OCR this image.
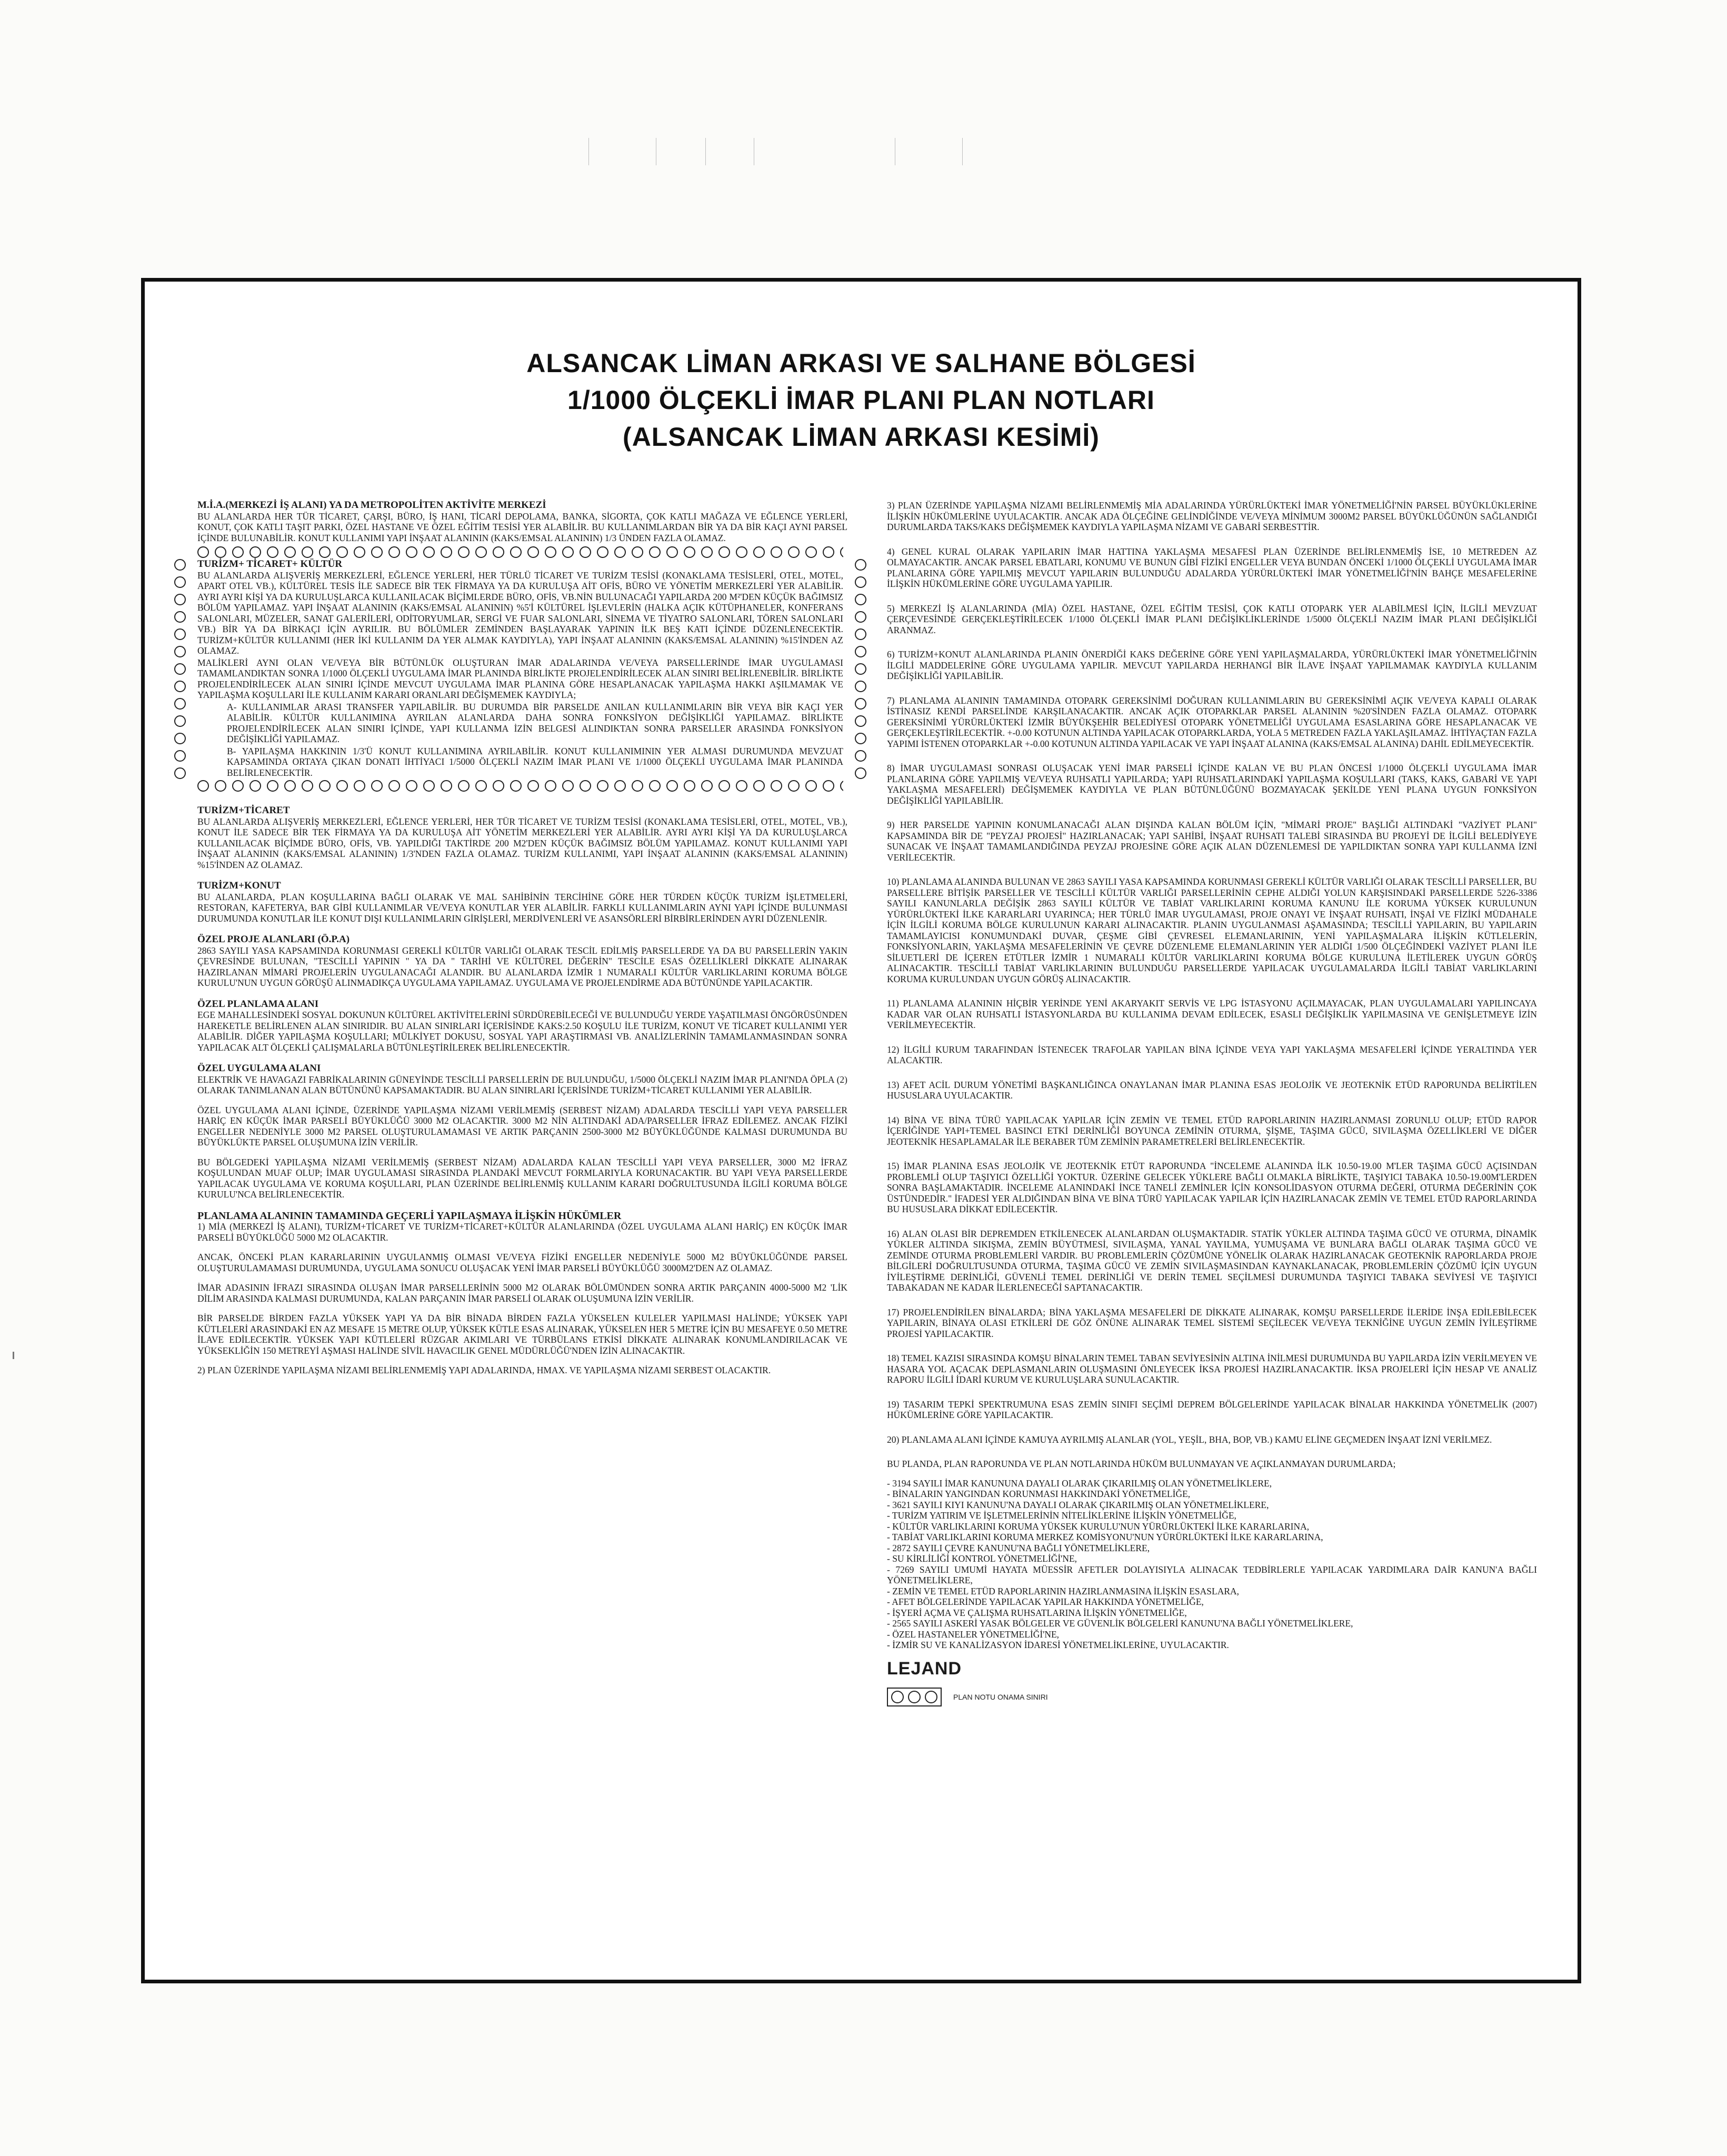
ALSANCAK LİMAN ARKASI VE SALHANE BÖLGESİ
1/1000 ÖLÇEKLİ İMAR PLANI PLAN NOTLARI
(ALSANCAK LİMAN ARKASI KESİMİ)
M.İ.A.(MERKEZİ İŞ ALANI) YA DA METROPOLİTEN AKTİVİTE MERKEZİ
BU ALANLARDA HER TÜR TİCARET, ÇARŞI, BÜRO, İŞ HANI, TİCARİ DEPOLAMA, BANKA, SİGORTA, ÇOK KATLI MAĞAZA VE EĞLENCE YERLERİ, KONUT, ÇOK KATLI TAŞIT PARKI, ÖZEL HASTANE VE ÖZEL EĞİTİM TESİSİ YER ALABİLİR. BU KULLANIMLARDAN BİR YA DA BİR KAÇI AYNI PARSEL İÇİNDE BULUNABİLİR. KONUT KULLANIMI YAPI İNŞAAT ALANININ (KAKS/EMSAL ALANININ) 1/3 ÜNDEN FAZLA OLAMAZ.
TURİZM+ TİCARET+ KÜLTÜR
BU ALANLARDA ALIŞVERİŞ MERKEZLERİ, EĞLENCE YERLERİ, HER TÜRLÜ TİCARET VE TURİZM TESİSİ (KONAKLAMA TESİSLERİ, OTEL, MOTEL, APART OTEL VB.), KÜLTÜREL TESİS İLE SADECE BİR TEK FİRMAYA YA DA KURULUŞA AİT OFİS, BÜRO VE YÖNETİM MERKEZLERİ YER ALABİLİR. AYRI AYRI KİŞİ YA DA KURULUŞLARCA KULLANILACAK BİÇİMLERDE BÜRO, OFİS, VB.NİN BULUNACAĞI YAPILARDA 200 M²'DEN KÜÇÜK BAĞIMSIZ BÖLÜM YAPILAMAZ. YAPI İNŞAAT ALANININ (KAKS/EMSAL ALANININ) %5'İ KÜLTÜREL İŞLEVLERİN (HALKA AÇIK KÜTÜPHANELER, KONFERANS SALONLARI, MÜZELER, SANAT GALERİLERİ, ODİTORYUMLAR, SERGİ VE FUAR SALONLARI, SİNEMA VE TİYATRO SALONLARI, TÖREN SALONLARI VB.) BİR YA DA BİRKAÇI İÇİN AYRILIR. BU BÖLÜMLER ZEMİNDEN BAŞLAYARAK YAPININ İLK BEŞ KATI İÇİNDE DÜZENLENECEKTİR. TURİZM+KÜLTÜR KULLANIMI (HER İKİ KULLANIM DA YER ALMAK KAYDIYLA), YAPI İNŞAAT ALANININ (KAKS/EMSAL ALANININ) %15'İNDEN AZ OLAMAZ.
MALİKLERİ AYNI OLAN VE/VEYA BİR BÜTÜNLÜK OLUŞTURAN İMAR ADALARINDA VE/VEYA PARSELLERİNDE İMAR UYGULAMASI TAMAMLANDIKTAN SONRA 1/1000 ÖLÇEKLİ UYGULAMA İMAR PLANINDA BİRLİKTE PROJELENDİRİLECEK ALAN SINIRI BELİRLENEBİLİR. BİRLİKTE PROJELENDİRİLECEK ALAN SINIRI İÇİNDE MEVCUT UYGULAMA İMAR PLANINA GÖRE HESAPLANACAK YAPILAŞMA HAKKI AŞILMAMAK VE YAPILAŞMA KOŞULLARI İLE KULLANIM KARARI ORANLARI DEĞİŞMEMEK KAYDIYLA;
A- KULLANIMLAR ARASI TRANSFER YAPILABİLİR. BU DURUMDA BİR PARSELDE ANILAN KULLANIMLARIN BİR VEYA BİR KAÇI YER ALABİLİR. KÜLTÜR KULLANIMINA AYRILAN ALANLARDA DAHA SONRA FONKSİYON DEĞİŞİKLİĞİ YAPILAMAZ. BİRLİKTE PROJELENDİRİLECEK ALAN SINIRI İÇİNDE, YAPI KULLANMA İZİN BELGESİ ALINDIKTAN SONRA PARSELLER ARASINDA FONKSİYON DEĞİŞİKLİĞİ YAPILAMAZ.
B- YAPILAŞMA HAKKININ 1/3'Ü KONUT KULLANIMINA AYRILABİLİR. KONUT KULLANIMININ YER ALMASI DURUMUNDA MEVZUAT KAPSAMINDA ORTAYA ÇIKAN DONATI İHTİYACI 1/5000 ÖLÇEKLİ NAZIM İMAR PLANI VE 1/1000 ÖLÇEKLİ UYGULAMA İMAR PLANINDA BELİRLENECEKTİR.
TURİZM+TİCARET
BU ALANLARDA ALIŞVERİŞ MERKEZLERİ, EĞLENCE YERLERİ, HER TÜR TİCARET VE TURİZM TESİSİ (KONAKLAMA TESİSLERİ, OTEL, MOTEL, VB.), KONUT İLE SADECE BİR TEK FİRMAYA YA DA KURULUŞA AİT YÖNETİM MERKEZLERİ YER ALABİLİR. AYRI AYRI KİŞİ YA DA KURULUŞLARCA KULLANILACAK BİÇİMDE BÜRO, OFİS, VB. YAPILDIĞI TAKTİRDE 200 M2'DEN KÜÇÜK BAĞIMSIZ BÖLÜM YAPILAMAZ. KONUT KULLANIMI YAPI İNŞAAT ALANININ (KAKS/EMSAL ALANININ) 1/3'NDEN FAZLA OLAMAZ. TURİZM KULLANIMI, YAPI İNŞAAT ALANININ (KAKS/EMSAL ALANININ) %15'İNDEN AZ OLAMAZ.
TURİZM+KONUT
BU ALANLARDA, PLAN KOŞULLARINA BAĞLI OLARAK VE MAL SAHİBİNİN TERCİHİNE GÖRE HER TÜRDEN KÜÇÜK TURİZM İŞLETMELERİ, RESTORAN, KAFETERYA, BAR GİBİ KULLANIMLAR VE/VEYA KONUTLAR YER ALABİLİR. FARKLI KULLANIMLARIN AYNI YAPI İÇİNDE BULUNMASI DURUMUNDA KONUTLAR İLE KONUT DIŞI KULLANIMLARIN GİRİŞLERİ, MERDİVENLERİ VE ASANSÖRLERİ BİRBİRLERİNDEN AYRI DÜZENLENİR.
ÖZEL PROJE ALANLARI (Ö.P.A)
2863 SAYILI YASA KAPSAMINDA KORUNMASI GEREKLİ KÜLTÜR VARLIĞI OLARAK TESCİL EDİLMİŞ PARSELLERDE YA DA BU PARSELLERİN YAKIN ÇEVRESİNDE BULUNAN, "TESCİLLİ YAPININ " YA DA " TARİHİ VE KÜLTÜREL DEĞERİN" TESCİLE ESAS ÖZELLİKLERİ DİKKATE ALINARAK HAZIRLANAN MİMARİ PROJELERİN UYGULANACAĞI ALANDIR. BU ALANLARDA İZMİR 1 NUMARALI KÜLTÜR VARLIKLARINI KORUMA BÖLGE KURULU'NUN UYGUN GÖRÜŞÜ ALINMADIKÇA UYGULAMA YAPILAMAZ. UYGULAMA VE PROJELENDİRME ADA BÜTÜNÜNDE YAPILACAKTIR.
ÖZEL PLANLAMA ALANI
EGE MAHALLESİNDEKİ SOSYAL DOKUNUN KÜLTÜREL AKTİVİTELERİNİ SÜRDÜREBİLECEĞİ VE BULUNDUĞU YERDE YAŞATILMASI ÖNGÖRÜSÜNDEN HAREKETLE BELİRLENEN ALAN SINIRIDIR. BU ALAN SINIRLARI İÇERİSİNDE KAKS:2.50 KOŞULU İLE TURİZM, KONUT VE TİCARET KULLANIMI YER ALABİLİR. DİĞER YAPILAŞMA KOŞULLARI; MÜLKİYET DOKUSU, SOSYAL YAPI ARAŞTIRMASI VB. ANALİZLERİNİN TAMAMLANMASINDAN SONRA YAPILACAK ALT ÖLÇEKLİ ÇALIŞMALARLA BÜTÜNLEŞTİRİLEREK BELİRLENECEKTİR.
ÖZEL UYGULAMA ALANI
ELEKTRİK VE HAVAGAZI FABRİKALARININ GÜNEYİNDE TESCİLLİ PARSELLERİN DE BULUNDUĞU, 1/5000 ÖLÇEKLİ NAZIM İMAR PLANI'NDA ÖPLA (2) OLARAK TANIMLANAN ALAN BÜTÜNÜNÜ KAPSAMAKTADIR. BU ALAN SINIRLARI İÇERİSİNDE TURİZM+TİCARET KULLANIMI YER ALABİLİR.
ÖZEL UYGULAMA ALANI İÇİNDE, ÜZERİNDE YAPILAŞMA NİZAMI VERİLMEMİŞ (SERBEST NİZAM) ADALARDA TESCİLLİ YAPI VEYA PARSELLER HARİÇ EN KÜÇÜK İMAR PARSELİ BÜYÜKLÜĞÜ 3000 M2 OLACAKTIR. 3000 M2 NİN ALTINDAKİ ADA/PARSELLER İFRAZ EDİLEMEZ. ANCAK FİZİKİ ENGELLER NEDENİYLE 3000 M2 PARSEL OLUŞTURULAMAMASI VE ARTIK PARÇANIN 2500-3000 M2 BÜYÜKLÜĞÜNDE KALMASI DURUMUNDA BU BÜYÜKLÜKTE PARSEL OLUŞUMUNA İZİN VERİLİR.
BU BÖLGEDEKİ YAPILAŞMA NİZAMI VERİLMEMİŞ (SERBEST NİZAM) ADALARDA KALAN TESCİLLİ YAPI VEYA PARSELLER, 3000 M2 İFRAZ KOŞULUNDAN MUAF OLUP; İMAR UYGULAMASI SIRASINDA PLANDAKİ MEVCUT FORMLARIYLA KORUNACAKTIR. BU YAPI VEYA PARSELLERDE YAPILACAK UYGULAMA VE KORUMA KOŞULLARI, PLAN ÜZERİNDE BELİRLENMİŞ KULLANIM KARARI DOĞRULTUSUNDA İLGİLİ KORUMA BÖLGE KURULU'NCA BELİRLENECEKTİR.
PLANLAMA ALANININ TAMAMINDA GEÇERLİ YAPILAŞMAYA İLİŞKİN HÜKÜMLER
1) MİA (MERKEZİ İŞ ALANI), TURİZM+TİCARET VE TURİZM+TİCARET+KÜLTÜR ALANLARINDA (ÖZEL UYGULAMA ALANI HARİÇ) EN KÜÇÜK İMAR PARSELİ BÜYÜKLÜĞÜ 5000 M2 OLACAKTIR.
ANCAK, ÖNCEKİ PLAN KARARLARININ UYGULANMIŞ OLMASI VE/VEYA FİZİKİ ENGELLER NEDENİYLE 5000 M2 BÜYÜKLÜĞÜNDE PARSEL OLUŞTURULAMAMASI DURUMUNDA, UYGULAMA SONUCU OLUŞACAK YENİ İMAR PARSELİ BÜYÜKLÜĞÜ 3000M2'DEN AZ OLAMAZ.
İMAR ADASININ İFRAZI SIRASINDA OLUŞAN İMAR PARSELLERİNİN 5000 M2 OLARAK BÖLÜMÜNDEN SONRA ARTIK PARÇANIN 4000-5000 M2 'LİK DİLİM ARASINDA KALMASI DURUMUNDA, KALAN PARÇANIN İMAR PARSELİ OLARAK OLUŞUMUNA İZİN VERİLİR.
BİR PARSELDE BİRDEN FAZLA YÜKSEK YAPI YA DA BİR BİNADA BİRDEN FAZLA YÜKSELEN KULELER YAPILMASI HALİNDE; YÜKSEK YAPI KÜTLELERİ ARASINDAKİ EN AZ MESAFE 15 METRE OLUP, YÜKSEK KÜTLE ESAS ALINARAK, YÜKSELEN HER 5 METRE İÇİN BU MESAFEYE 0.50 METRE İLAVE EDİLECEKTİR. YÜKSEK YAPI KÜTLELERİ RÜZGAR AKIMLARI VE TÜRBÜLANS ETKİSİ DİKKATE ALINARAK KONUMLANDIRILACAK VE YÜKSEKLİĞİN 150 METREYİ AŞMASI HALİNDE SİVİL HAVACILIK GENEL MÜDÜRLÜĞÜ'NDEN İZİN ALINACAKTIR.
2) PLAN ÜZERİNDE YAPILAŞMA NİZAMI BELİRLENMEMİŞ YAPI ADALARINDA, HMAX. VE YAPILAŞMA NİZAMI SERBEST OLACAKTIR.
3) PLAN ÜZERİNDE YAPILAŞMA NİZAMI BELİRLENMEMİŞ MİA ADALARINDA YÜRÜRLÜKTEKİ İMAR YÖNETMELİĞİ'NİN PARSEL BÜYÜKLÜKLERİNE İLİŞKİN HÜKÜMLERİNE UYULACAKTIR. ANCAK ADA ÖLÇEĞİNE GELİNDİĞİNDE VE/VEYA MİNİMUM 3000M2 PARSEL BÜYÜKLÜĞÜNÜN SAĞLANDIĞI DURUMLARDA TAKS/KAKS DEĞİŞMEMEK KAYDIYLA YAPILAŞMA NİZAMI VE GABARİ SERBESTTİR.
4) GENEL KURAL OLARAK YAPILARIN İMAR HATTINA YAKLAŞMA MESAFESİ PLAN ÜZERİNDE BELİRLENMEMİŞ İSE, 10 METREDEN AZ OLMAYACAKTIR. ANCAK PARSEL EBATLARI, KONUMU VE BUNUN GİBİ FİZİKİ ENGELLER VEYA BUNDAN ÖNCEKİ 1/1000 ÖLÇEKLİ UYGULAMA İMAR PLANLARINA GÖRE YAPILMIŞ MEVCUT YAPILARIN BULUNDUĞU ADALARDA YÜRÜRLÜKTEKİ İMAR YÖNETMELİĞİ'NİN BAHÇE MESAFELERİNE İLİŞKİN HÜKÜMLERİNE GÖRE UYGULAMA YAPILIR.
5) MERKEZİ İŞ ALANLARINDA (MİA) ÖZEL HASTANE, ÖZEL EĞİTİM TESİSİ, ÇOK KATLI OTOPARK YER ALABİLMESİ İÇİN, İLGİLİ MEVZUAT ÇERÇEVESİNDE GERÇEKLEŞTİRİLECEK 1/1000 ÖLÇEKLİ İMAR PLANI DEĞİŞİKLİKLERİNDE 1/5000 ÖLÇEKLİ NAZIM İMAR PLANI DEĞİŞİKLİĞİ ARANMAZ.
6) TURİZM+KONUT ALANLARINDA PLANIN ÖNERDİĞİ KAKS DEĞERİNE GÖRE YENİ YAPILAŞMALARDA, YÜRÜRLÜKTEKİ İMAR YÖNETMELİĞİ'NİN İLGİLİ MADDELERİNE GÖRE UYGULAMA YAPILIR. MEVCUT YAPILARDA HERHANGİ BİR İLAVE İNŞAAT YAPILMAMAK KAYDIYLA KULLANIM DEĞİŞİKLİĞİ YAPILABİLİR.
7) PLANLAMA ALANININ TAMAMINDA OTOPARK GEREKSİNİMİ DOĞURAN KULLANIMLARIN BU GEREKSİNİMİ AÇIK VE/VEYA KAPALI OLARAK İSTİNASIZ KENDİ PARSELİNDE KARŞILANACAKTIR. ANCAK AÇIK OTOPARKLAR PARSEL ALANININ %20'SİNDEN FAZLA OLAMAZ. OTOPARK GEREKSİNİMİ YÜRÜRLÜKTEKİ İZMİR BÜYÜKŞEHİR BELEDİYESİ OTOPARK YÖNETMELİĞİ UYGULAMA ESASLARINA GÖRE HESAPLANACAK VE GERÇEKLEŞTİRİLECEKTİR. +-0.00 KOTUNUN ALTINDA YAPILACAK OTOPARKLARDA, YOLA 5 METREDEN FAZLA YAKLAŞILAMAZ. İHTİYAÇTAN FAZLA YAPIMI İSTENEN OTOPARKLAR +-0.00 KOTUNUN ALTINDA YAPILACAK VE YAPI İNŞAAT ALANINA (KAKS/EMSAL ALANINA) DAHİL EDİLMEYECEKTİR.
8) İMAR UYGULAMASI SONRASI OLUŞACAK YENİ İMAR PARSELİ İÇİNDE KALAN VE BU PLAN ÖNCESİ 1/1000 ÖLÇEKLİ UYGULAMA İMAR PLANLARINA GÖRE YAPILMIŞ VE/VEYA RUHSATLI YAPILARDA; YAPI RUHSATLARINDAKİ YAPILAŞMA KOŞULLARI (TAKS, KAKS, GABARİ VE YAPI YAKLAŞMA MESAFELERİ) DEĞİŞMEMEK KAYDIYLA VE PLAN BÜTÜNLÜĞÜNÜ BOZMAYACAK ŞEKİLDE YENİ PLANA UYGUN FONKSİYON DEĞİŞİKLİĞİ YAPILABİLİR.
9) HER PARSELDE YAPININ KONUMLANACAĞI ALAN DIŞINDA KALAN BÖLÜM İÇİN, "MİMARİ PROJE" BAŞLIĞI ALTINDAKİ "VAZİYET PLANI" KAPSAMINDA BİR DE "PEYZAJ PROJESİ" HAZIRLANACAK; YAPI SAHİBİ, İNŞAAT RUHSATI TALEBİ SIRASINDA BU PROJEYİ DE İLGİLİ BELEDİYEYE SUNACAK VE İNŞAAT TAMAMLANDIĞINDA PEYZAJ PROJESİNE GÖRE AÇIK ALAN DÜZENLEMESİ DE YAPILDIKTAN SONRA YAPI KULLANMA İZNİ VERİLECEKTİR.
10) PLANLAMA ALANINDA BULUNAN VE 2863 SAYILI YASA KAPSAMINDA KORUNMASI GEREKLİ KÜLTÜR VARLIĞI OLARAK TESCİLLİ PARSELLER, BU PARSELLERE BİTİŞİK PARSELLER VE TESCİLLİ KÜLTÜR VARLIĞI PARSELLERİNİN CEPHE ALDIĞI YOLUN KARŞISINDAKİ PARSELLERDE 5226-3386 SAYILI KANUNLARLA DEĞİŞİK 2863 SAYILI KÜLTÜR VE TABİAT VARLIKLARINI KORUMA KANUNU İLE KORUMA YÜKSEK KURULUNUN YÜRÜRLÜKTEKİ İLKE KARARLARI UYARINCA; HER TÜRLÜ İMAR UYGULAMASI, PROJE ONAYI VE İNŞAAT RUHSATI, İNŞAİ VE FİZİKİ MÜDAHALE İÇİN İLGİLİ KORUMA BÖLGE KURULUNUN KARARI ALINACAKTIR. PLANIN UYGULANMASI AŞAMASINDA; TESCİLLİ YAPILARIN, BU YAPILARIN TAMAMLAYICISI KONUMUNDAKİ DUVAR, ÇEŞME GİBİ ÇEVRESEL ELEMANLARININ, YENİ YAPILAŞMALARA İLİŞKİN KÜTLELERİN, FONKSİYONLARIN, YAKLAŞMA MESAFELERİNİN VE ÇEVRE DÜZENLEME ELEMANLARININ YER ALDIĞI 1/500 ÖLÇEĞİNDEKİ VAZİYET PLANI İLE SİLUETLERİ DE İÇEREN ETÜTLER İZMİR 1 NUMARALI KÜLTÜR VARLIKLARINI KORUMA BÖLGE KURULUNA İLETİLEREK UYGUN GÖRÜŞ ALINACAKTIR. TESCİLLİ TABİAT VARLIKLARININ BULUNDUĞU PARSELLERDE YAPILACAK UYGULAMALARDA İLGİLİ TABİAT VARLIKLARINI KORUMA KURULUNDAN UYGUN GÖRÜŞ ALINACAKTIR.
11) PLANLAMA ALANININ HİÇBİR YERİNDE YENİ AKARYAKIT SERVİS VE LPG İSTASYONU AÇILMAYACAK, PLAN UYGULAMALARI YAPILINCAYA KADAR VAR OLAN RUHSATLI İSTASYONLARDA BU KULLANIMA DEVAM EDİLECEK, ESASLI DEĞİŞİKLİK YAPILMASINA VE GENİŞLETMEYE İZİN VERİLMEYECEKTİR.
12) İLGİLİ KURUM TARAFINDAN İSTENECEK TRAFOLAR YAPILAN BİNA İÇİNDE VEYA YAPI YAKLAŞMA MESAFELERİ İÇİNDE YERALTINDA YER ALACAKTIR.
13) AFET ACİL DURUM YÖNETİMİ BAŞKANLIĞINCA ONAYLANAN İMAR PLANINA ESAS JEOLOJİK VE JEOTEKNİK ETÜD RAPORUNDA BELİRTİLEN HUSUSLARA UYULACAKTIR.
14) BİNA VE BİNA TÜRÜ YAPILACAK YAPILAR İÇİN ZEMİN VE TEMEL ETÜD RAPORLARININ HAZIRLANMASI ZORUNLU OLUP; ETÜD RAPOR İÇERİĞİNDE YAPI+TEMEL BASINCI ETKİ DERİNLİĞİ BOYUNCA ZEMİNİN OTURMA, ŞİŞME, TAŞIMA GÜCÜ, SIVILAŞMA ÖZELLİKLERİ VE DİĞER JEOTEKNİK HESAPLAMALAR İLE BERABER TÜM ZEMİNİN PARAMETRELERİ BELİRLENECEKTİR.
15) İMAR PLANINA ESAS JEOLOJİK VE JEOTEKNİK ETÜT RAPORUNDA "İNCELEME ALANINDA İLK 10.50-19.00 M'LER TAŞIMA GÜCÜ AÇISINDAN PROBLEMLİ OLUP TAŞIYICI ÖZELLİĞİ YOKTUR. ÜZERİNE GELECEK YÜKLERE BAĞLI OLMAKLA BİRLİKTE, TAŞIYICI TABAKA 10.50-19.00M'LERDEN SONRA BAŞLAMAKTADIR. İNCELEME ALANINDAKİ İNCE TANELİ ZEMİNLER İÇİN KONSOLİDASYON OTURMA DEĞERİ, OTURMA DEĞERİNİN ÇOK ÜSTÜNDEDİR." İFADESİ YER ALDIĞINDAN BİNA VE BİNA TÜRÜ YAPILACAK YAPILAR İÇİN HAZIRLANACAK ZEMİN VE TEMEL ETÜD RAPORLARINDA BU HUSUSLARA DİKKAT EDİLECEKTİR.
16) ALAN OLASI BİR DEPREMDEN ETKİLENECEK ALANLARDAN OLUŞMAKTADIR. STATİK YÜKLER ALTINDA TAŞIMA GÜCÜ VE OTURMA, DİNAMİK YÜKLER ALTINDA SIKIŞMA, ZEMİN BÜYÜTMESİ, SIVILAŞMA, YANAL YAYILMA, YUMUŞAMA VE BUNLARA BAĞLI OLARAK TAŞIMA GÜCÜ VE ZEMİNDE OTURMA PROBLEMLERİ VARDIR. BU PROBLEMLERİN ÇÖZÜMÜNE YÖNELİK OLARAK HAZIRLANACAK GEOTEKNİK RAPORLARDA PROJE BİLGİLERİ DOĞRULTUSUNDA OTURMA, TAŞIMA GÜCÜ VE ZEMİN SIVILAŞMASINDAN KAYNAKLANACAK, PROBLEMLERİN ÇÖZÜMÜ İÇİN UYGUN İYİLEŞTİRME DERİNLİĞİ, GÜVENLİ TEMEL DERİNLİĞİ VE DERİN TEMEL SEÇİLMESİ DURUMUNDA TAŞIYICI TABAKA SEVİYESİ VE TAŞIYICI TABAKADAN NE KADAR İLERLENECEĞİ SAPTANACAKTIR.
17) PROJELENDİRİLEN BİNALARDA; BİNA YAKLAŞMA MESAFELERİ DE DİKKATE ALINARAK, KOMŞU PARSELLERDE İLERİDE İNŞA EDİLEBİLECEK YAPILARIN, BİNAYA OLASI ETKİLERİ DE GÖZ ÖNÜNE ALINARAK TEMEL SİSTEMİ SEÇİLECEK VE/VEYA TEKNİĞİNE UYGUN ZEMİN İYİLEŞTİRME PROJESİ YAPILACAKTIR.
18) TEMEL KAZISI SIRASINDA KOMŞU BİNALARIN TEMEL TABAN SEVİYESİNİN ALTINA İNİLMESİ DURUMUNDA BU YAPILARDA İZİN VERİLMEYEN VE HASARA YOL AÇACAK DEPLASMANLARIN OLUŞMASINI ÖNLEYECEK İKSA PROJESİ HAZIRLANACAKTIR. İKSA PROJELERİ İÇİN HESAP VE ANALİZ RAPORU İLGİLİ İDARİ KURUM VE KURULUŞLARA SUNULACAKTIR.
19) TASARIM TEPKİ SPEKTRUMUNA ESAS ZEMİN SINIFI SEÇİMİ DEPREM BÖLGELERİNDE YAPILACAK BİNALAR HAKKINDA YÖNETMELİK (2007) HÜKÜMLERİNE GÖRE YAPILACAKTIR.
20) PLANLAMA ALANI İÇİNDE KAMUYA AYRILMIŞ ALANLAR (YOL, YEŞİL, BHA, BOP, VB.) KAMU ELİNE GEÇMEDEN İNŞAAT İZNİ VERİLMEZ.
BU PLANDA, PLAN RAPORUNDA VE PLAN NOTLARINDA HÜKÜM BULUNMAYAN VE AÇIKLANMAYAN DURUMLARDA;
- 3194 SAYILI İMAR KANUNUNA DAYALI OLARAK ÇIKARILMIŞ OLAN YÖNETMELİKLERE,
- BİNALARIN YANGINDAN KORUNMASI HAKKINDAKİ YÖNETMELİĞE,
- 3621 SAYILI KIYI KANUNU'NA DAYALI OLARAK ÇIKARILMIŞ OLAN YÖNETMELİKLERE,
- TURİZM YATIRIM VE İŞLETMELERİNİN NİTELİKLERİNE İLİŞKİN YÖNETMELİĞE,
- KÜLTÜR VARLIKLARINI KORUMA YÜKSEK KURULU'NUN YÜRÜRLÜKTEKİ İLKE KARARLARINA,
- TABİAT VARLIKLARINI KORUMA MERKEZ KOMİSYONU'NUN YÜRÜRLÜKTEKİ İLKE KARARLARINA,
- 2872 SAYILI ÇEVRE KANUNU'NA BAĞLI YÖNETMELİKLERE,
- SU KİRLİLİĞİ KONTROL YÖNETMELİĞİ'NE,
- 7269 SAYILI UMUMİ HAYATA MÜESSİR AFETLER DOLAYISIYLA ALINACAK TEDBİRLERLE YAPILACAK YARDIMLARA DAİR KANUN'A BAĞLI YÖNETMELİKLERE,
- ZEMİN VE TEMEL ETÜD RAPORLARININ HAZIRLANMASINA İLİŞKİN ESASLARA,
- AFET BÖLGELERİNDE YAPILACAK YAPILAR HAKKINDA YÖNETMELİĞE,
- İŞYERİ AÇMA VE ÇALIŞMA RUHSATLARINA İLİŞKİN YÖNETMELİĞE,
- 2565 SAYILI ASKERİ YASAK BÖLGELER VE GÜVENLİK BÖLGELERİ KANUNU'NA BAĞLI YÖNETMELİKLERE,
- ÖZEL HASTANELER YÖNETMELİĞİ'NE,
- İZMİR SU VE KANALİZASYON İDARESİ YÖNETMELİKLERİNE, UYULACAKTIR.
LEJAND
PLAN NOTU ONAMA SINIRI
